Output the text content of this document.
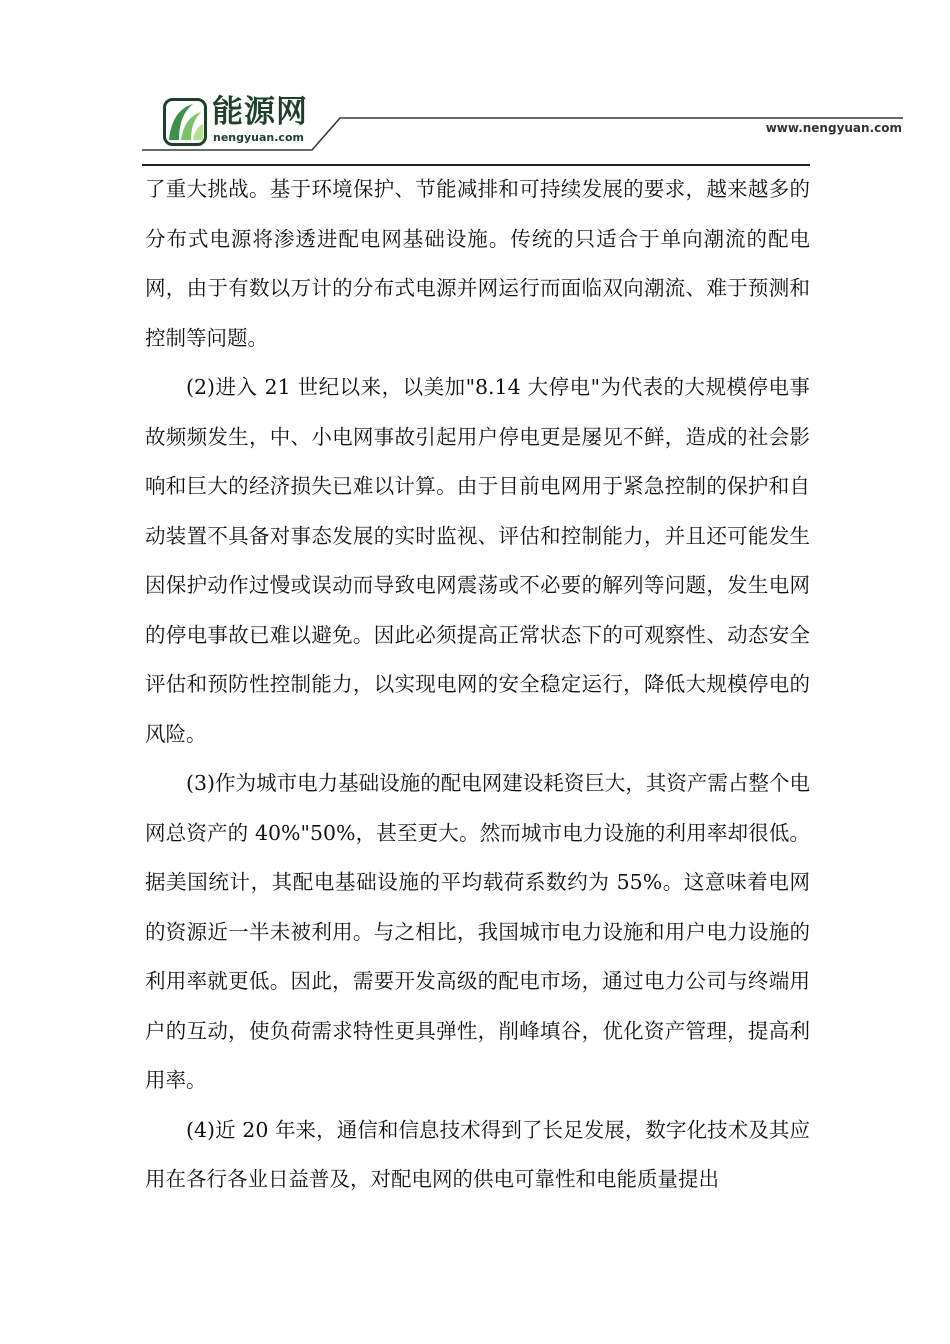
能源网
nengyuan.com
www.nengyuan.com

了重大挑战。基于环境保护、节能减排和可持续发展的要求，越来越多的分布式电源将渗透进配电网基础设施。传统的只适合于单向潮流的配电网，由于有数以万计的分布式电源并网运行而面临双向潮流、难于预测和控制等问题。

(2)进入 21 世纪以来，以美加"8.14 大停电"为代表的大规模停电事故频频发生，中、小电网事故引起用户停电更是屡见不鲜，造成的社会影响和巨大的经济损失已难以计算。由于目前电网用于紧急控制的保护和自动装置不具备对事态发展的实时监视、评估和控制能力，并且还可能发生因保护动作过慢或误动而导致电网震荡或不必要的解列等问题，发生电网的停电事故已难以避免。因此必须提高正常状态下的可观察性、动态安全评估和预防性控制能力，以实现电网的安全稳定运行，降低大规模停电的风险。

(3)作为城市电力基础设施的配电网建设耗资巨大，其资产需占整个电网总资产的 40%"50%，甚至更大。然而城市电力设施的利用率却很低。据美国统计，其配电基础设施的平均载荷系数约为 55%。这意味着电网的资源近一半未被利用。与之相比，我国城市电力设施和用户电力设施的利用率就更低。因此，需要开发高级的配电市场，通过电力公司与终端用户的互动，使负荷需求特性更具弹性，削峰填谷，优化资产管理，提高利用率。

(4)近 20 年来，通信和信息技术得到了长足发展，数字化技术及其应用在各行各业日益普及，对配电网的供电可靠性和电能质量提出
